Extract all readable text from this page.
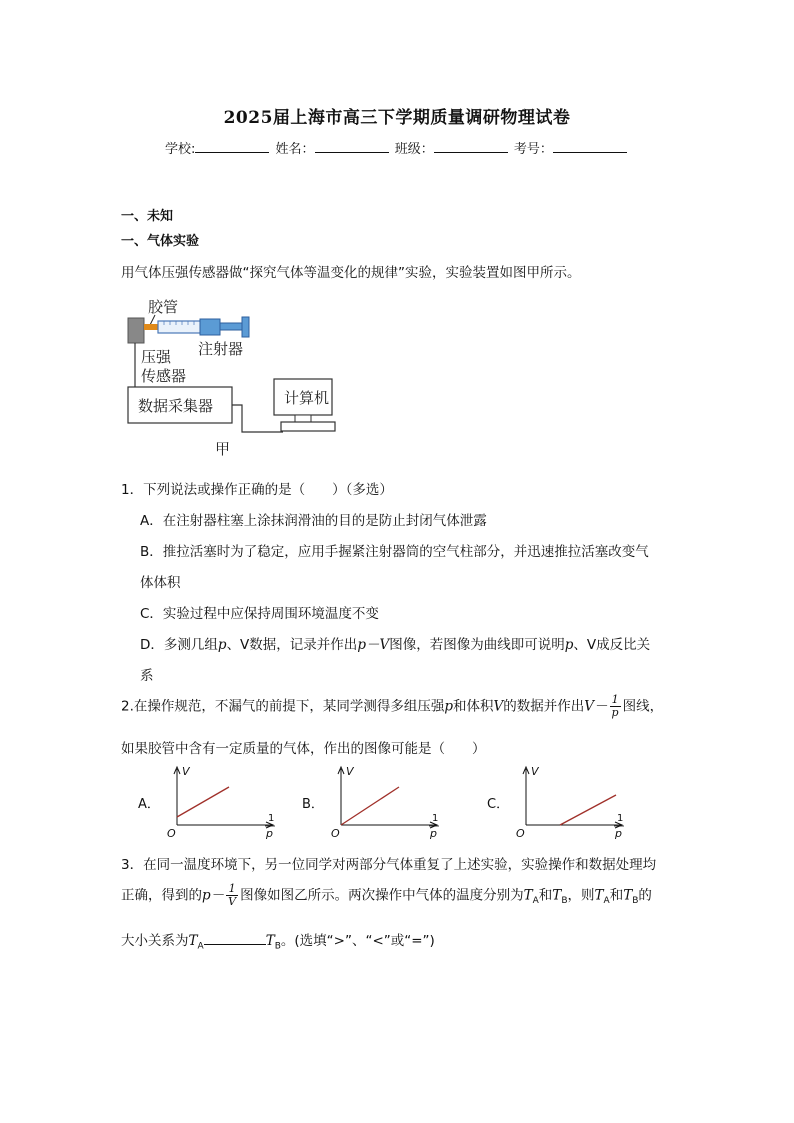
2025届上海市高三下学期质量调研物理试卷
学校:	姓名：	班级：	考号：
一、未知
一、气体实验
用气体压强传感器做“探究气体等温变化的规律”实验，实验装置如图甲所示。
胶管
注射器
压强
传感器
数据采集器	计算机
甲
1．下列说法或操作正确的是（　　）（多选）
A．在注射器柱塞上涂抹润滑油的目的是防止封闭气体泄露
B．推拉活塞时为了稳定，应用手握紧注射器筒的空气柱部分，并迅速推拉活塞改变气
体体积
C．实验过程中应保持周围环境温度不变
D．多测几组p、V数据，记录并作出p－V图像，若图像为曲线即可说明p、V成反比关
系
2.在操作规范，不漏气的前提下，某同学测得多组压强p和体积V的数据并作出$V- \frac{1}{p}$ 图线，
如果胶管中含有一定质量的气体，作出的图像可能是（　　）
A．
V
O
1
p
B．
V
O
1
p
C．
V
O
1
p
3．在同一温度环境下，另一位同学对两部分气体重复了上述实验，实验操作和数据处理均
正确，得到的$p- \frac{1}{V}$ 图像如图乙所示。两次操作中气体的温度分别为$T_A$和$T_B$，则$T_A$和$T_B$的
大小关系为$T_A$	$T_B$。(选填“>”、“<”或“=”)
